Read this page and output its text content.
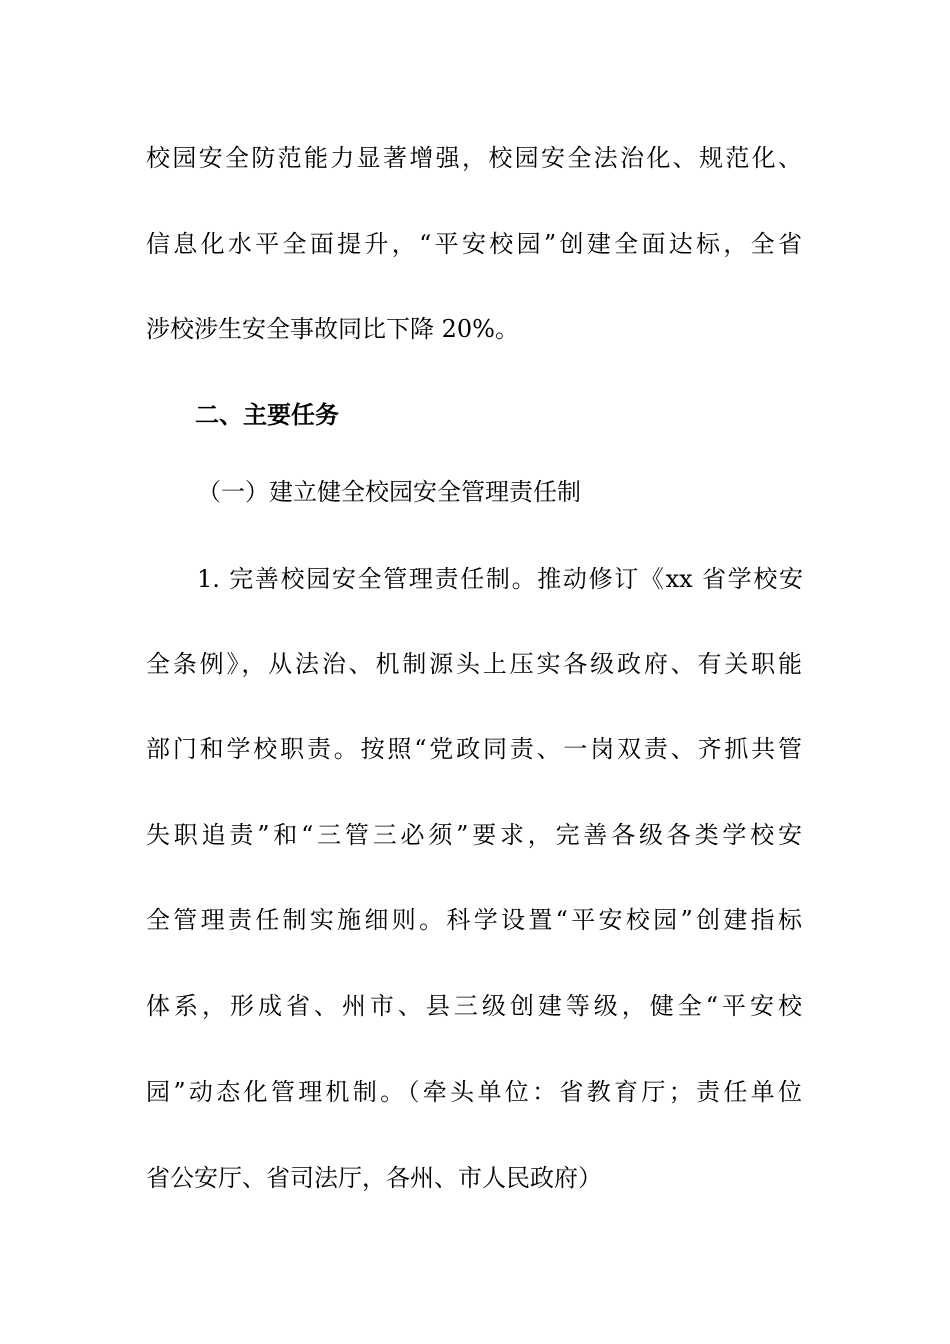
校园安全防范能力显著增强，校园安全法治化、规范化、
信息化水平全面提升，“平安校园”创建全面达标，全省
涉校涉生安全事故同比下降 20%。
二、主要任务
（一）建立健全校园安全管理责任制
1. 完善校园安全管理责任制。推动修订《xx 省学校安
全条例》，从法治、机制源头上压实各级政府、有关职能
部门和学校职责。按照“党政同责、一岗双责、齐抓共管
失职追责”和“三管三必须”要求，完善各级各类学校安
全管理责任制实施细则。科学设置“平安校园”创建指标
体系，形成省、州市、县三级创建等级，健全“平安校
园”动态化管理机制。（牵头单位：省教育厅；责任单位
省公安厅、省司法厅，各州、市人民政府）
